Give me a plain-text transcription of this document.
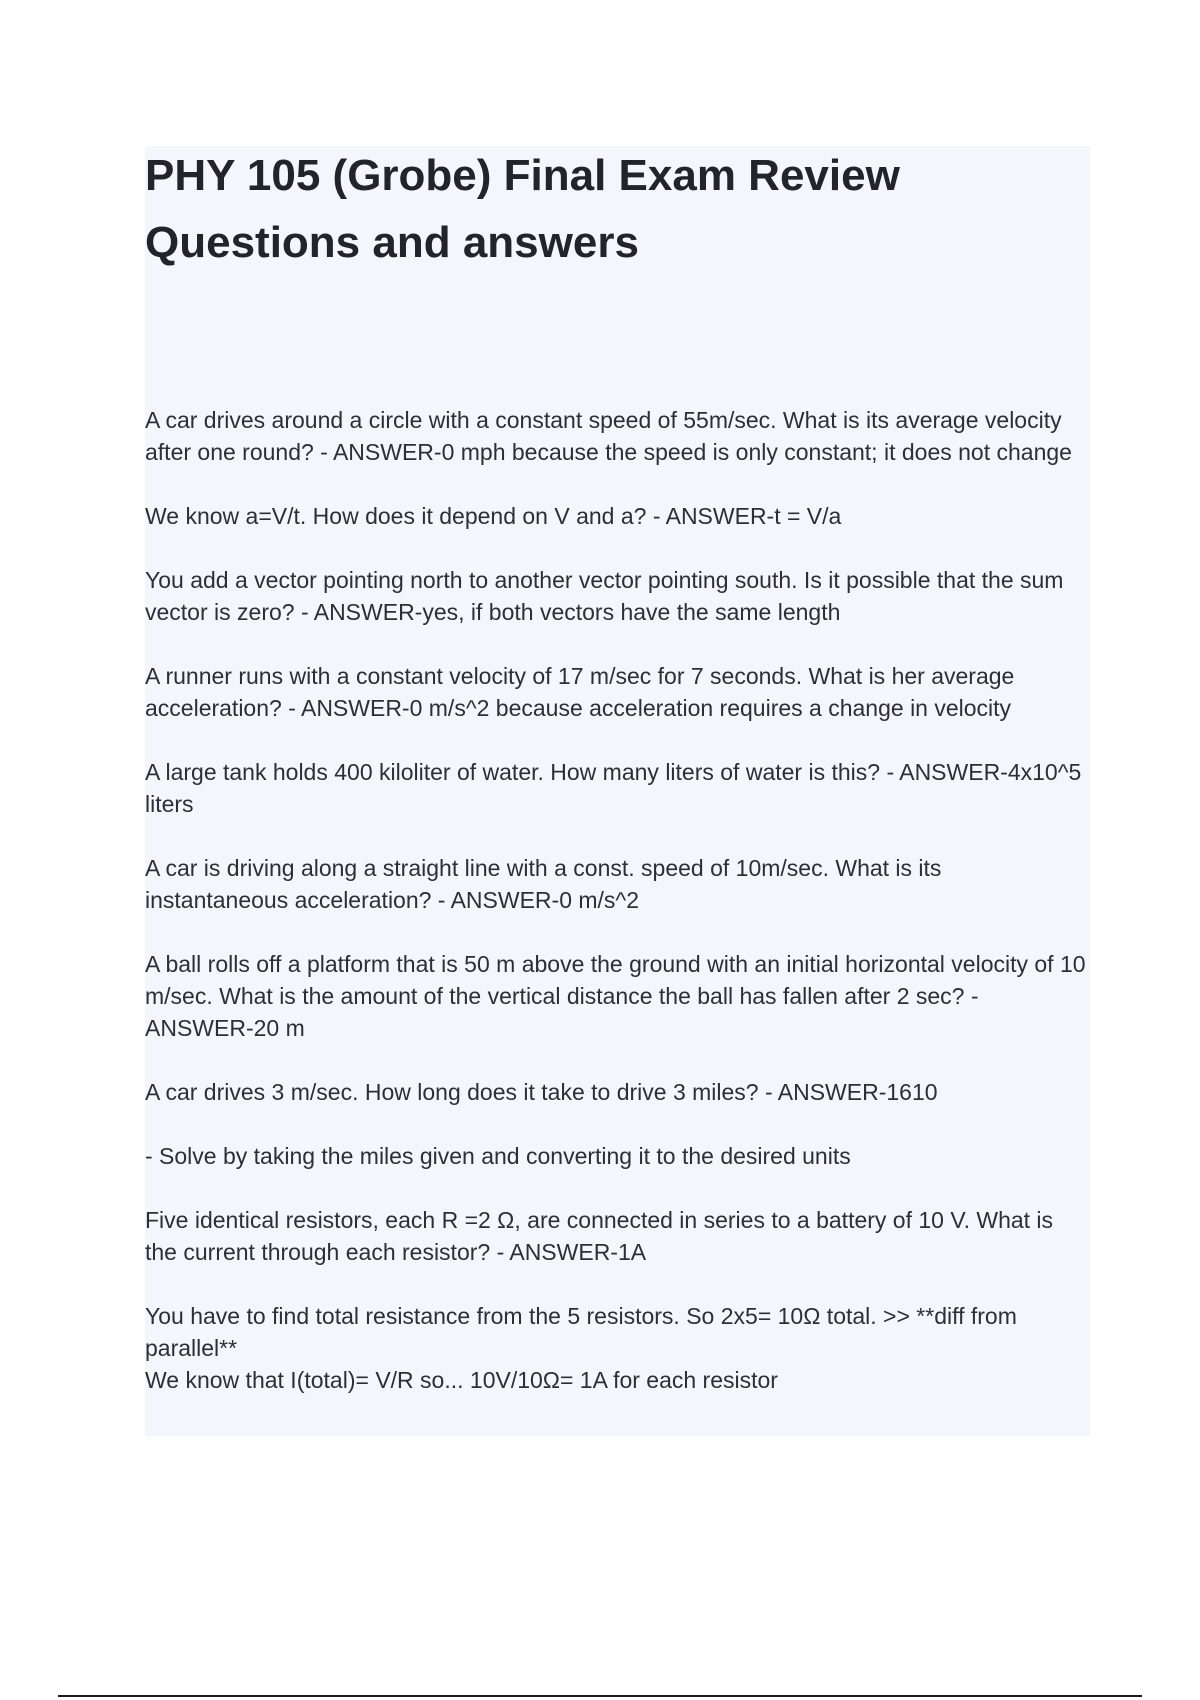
PHY 105 (Grobe) Final Exam Review Questions and answers

A car drives around a circle with a constant speed of 55m/sec. What is its average velocity after one round? - ANSWER-0 mph because the speed is only constant; it does not change

We know a=V/t. How does it depend on V and a? - ANSWER-t = V/a

You add a vector pointing north to another vector pointing south. Is it possible that the sum vector is zero? - ANSWER-yes, if both vectors have the same length

A runner runs with a constant velocity of 17 m/sec for 7 seconds. What is her average acceleration? - ANSWER-0 m/s^2 because acceleration requires a change in velocity

A large tank holds 400 kiloliter of water. How many liters of water is this? - ANSWER-4x10^5 liters

A car is driving along a straight line with a const. speed of 10m/sec. What is its instantaneous acceleration? - ANSWER-0 m/s^2

A ball rolls off a platform that is 50 m above the ground with an initial horizontal velocity of 10 m/sec. What is the amount of the vertical distance the ball has fallen after 2 sec? - ANSWER-20 m

A car drives 3 m/sec. How long does it take to drive 3 miles? - ANSWER-1610

- Solve by taking the miles given and converting it to the desired units

Five identical resistors, each R =2 Ω, are connected in series to a battery of 10 V. What is the current through each resistor? - ANSWER-1A

You have to find total resistance from the 5 resistors. So 2x5= 10Ω total. >> **diff from parallel**
We know that I(total)= V/R so... 10V/10Ω= 1A for each resistor
